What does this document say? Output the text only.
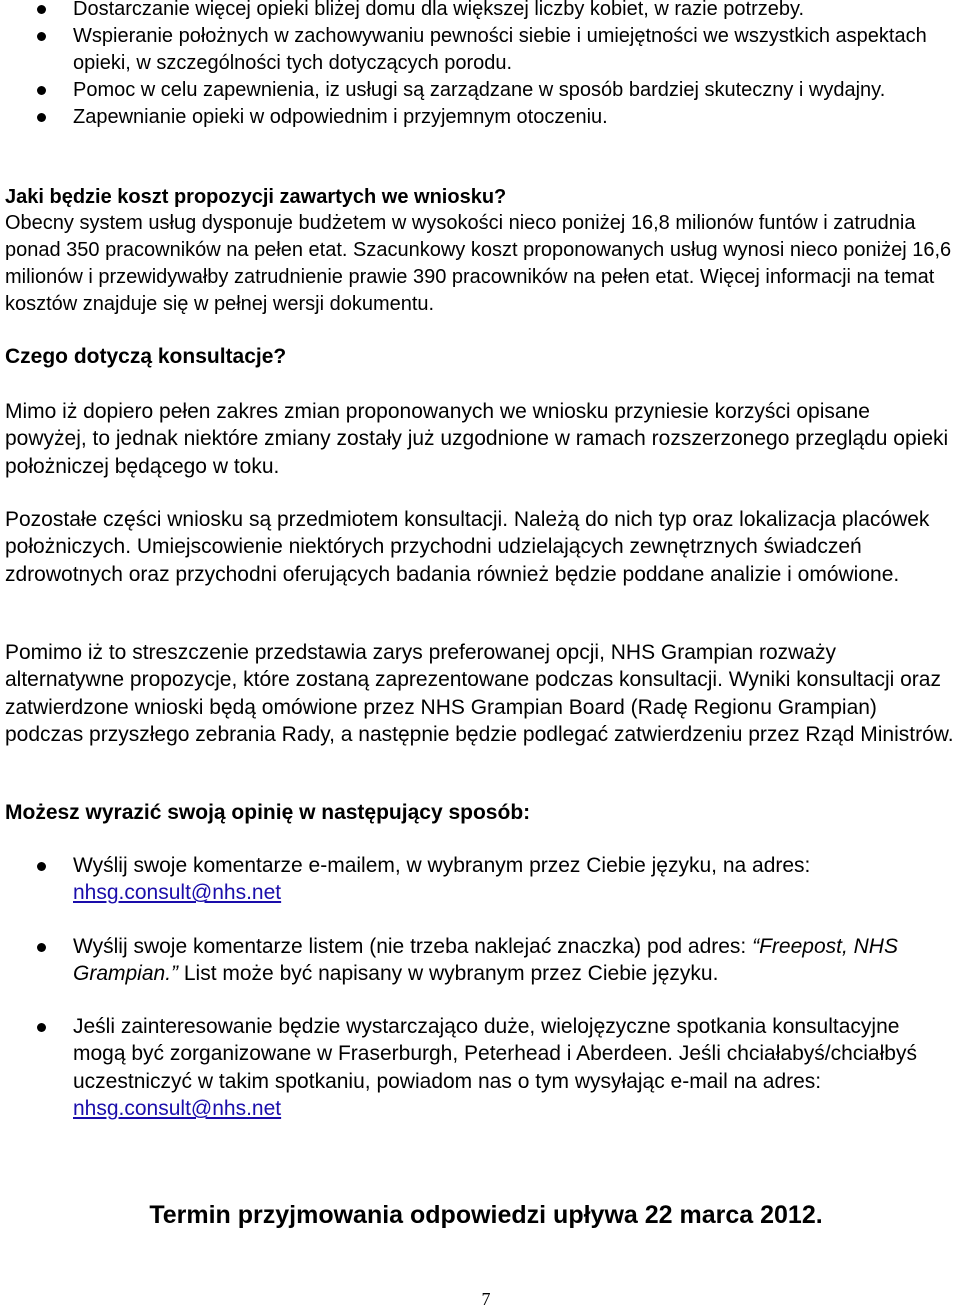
Dostarczanie więcej opieki bliżej domu dla większej liczby kobiet, w razie potrzeby.
Wspieranie położnych w zachowywaniu pewności siebie i umiejętności we wszystkich aspektach opieki, w szczególności tych dotyczących porodu.
Pomoc w celu zapewnienia, iz usługi są zarządzane w sposób bardziej skuteczny i wydajny.
Zapewnianie opieki w odpowiednim i przyjemnym otoczeniu.
Jaki będzie koszt propozycji zawartych we wniosku?
Obecny system usług dysponuje budżetem w wysokości nieco poniżej 16,8 milionów funtów i zatrudnia ponad 350 pracowników na pełen etat. Szacunkowy koszt proponowanych usług wynosi nieco poniżej 16,6 milionów i przewidywałby zatrudnienie prawie 390 pracowników na pełen etat. Więcej informacji na temat kosztów znajduje się w pełnej wersji dokumentu.
Czego dotyczą konsultacje?
Mimo iż dopiero pełen zakres zmian proponowanych we wniosku przyniesie korzyści opisane powyżej, to jednak niektóre zmiany zostały już uzgodnione w ramach rozszerzonego przeglądu opieki położniczej będącego w toku.
Pozostałe części wniosku są przedmiotem konsultacji. Należą do nich typ oraz lokalizacja placówek położniczych. Umiejscowienie niektórych przychodni udzielających zewnętrznych świadczeń zdrowotnych oraz przychodni oferujących badania również będzie poddane analizie i omówione.
Pomimo iż to streszczenie przedstawia zarys preferowanej opcji, NHS Grampian rozważy alternatywne propozycje, które zostaną zaprezentowane podczas konsultacji. Wyniki konsultacji oraz zatwierdzone wnioski będą omówione przez NHS Grampian Board (Radę Regionu Grampian) podczas przyszłego zebrania Rady, a następnie będzie podlegać zatwierdzeniu przez Rząd Ministrów.
Możesz wyrazić swoją opinię w następujący sposób:
Wyślij swoje komentarze e-mailem, w wybranym przez Ciebie języku, na adres: nhsg.consult@nhs.net
Wyślij swoje komentarze listem (nie trzeba naklejać znaczka) pod adres: “Freepost, NHS Grampian.” List może być napisany w wybranym przez Ciebie języku.
Jeśli zainteresowanie będzie wystarczająco duże, wielojęzyczne spotkania konsultacyjne mogą być zorganizowane w Fraserburgh, Peterhead i Aberdeen. Jeśli chciałabyś/chciałbyś uczestniczyć w takim spotkaniu, powiadom nas o tym wysyłając e-mail na adres: nhsg.consult@nhs.net
Termin przyjmowania odpowiedzi upływa 22 marca 2012.
7
